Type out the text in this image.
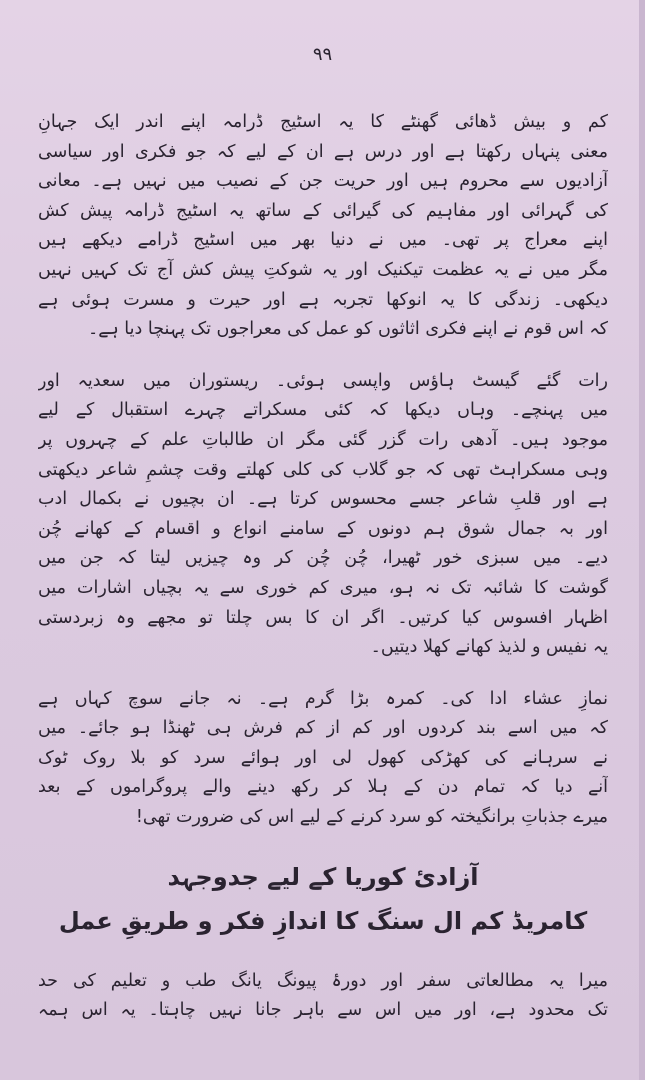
۹۹
کم و بیش ڈھائی گھنٹے کا یہ اسٹیج ڈرامہ اپنے اندر ایک جہانِ
معنی پنہاں رکھتا ہے اور درس ہے ان کے لیے کہ جو فکری اور سیاسی
آزادیوں سے محروم ہیں اور حریت جن کے نصیب میں نہیں ہے۔ معانی
کی گہرائی اور مفاہیم کی گیرائی کے ساتھ یہ اسٹیج ڈرامہ پیش کش
اپنے معراج پر تھی۔ میں نے دنیا بھر میں اسٹیج ڈرامے دیکھے ہیں
مگر میں نے یہ عظمت تیکنیک اور یہ شوکتِ پیش کش آج تک کہیں نہیں
دیکھی۔ زندگی کا یہ انوکھا تجربہ ہے اور حیرت و مسرت ہوئی ہے
کہ اس قوم نے اپنے فکری اثاثوں کو عمل کی معراجوں تک پہنچا دیا ہے۔
رات گئے گیسٹ ہاؤس واپسی ہوئی۔ ریستوران میں سعدیہ اور
میں پہنچے۔ وہاں دیکھا کہ کئی مسکراتے چہرے استقبال کے لیے
موجود ہیں۔ آدھی رات گزر گئی مگر ان طالباتِ علم کے چہروں پر
وہی مسکراہٹ تھی کہ جو گلاب کی کلی کھلتے وقت چشمِ شاعر دیکھتی
ہے اور قلبِ شاعر جسے محسوس کرتا ہے۔ ان بچیوں نے بکمال ادب
اور بہ جمال شوق ہم دونوں کے سامنے انواع و اقسام کے کھانے چُن
دیے۔ میں سبزی خور ٹھیرا، چُن چُن کر وہ چیزیں لیتا کہ جن میں
گوشت کا شائبہ تک نہ ہو، میری کم خوری سے یہ بچیاں اشارات میں
اظہار افسوس کیا کرتیں۔ اگر ان کا بس چلتا تو مجھے وہ زبردستی
یہ نفیس و لذیذ کھانے کھلا دیتیں۔
نمازِ عشاء ادا کی۔ کمرہ بڑا گرم ہے۔ نہ جانے سوچ کہاں ہے
کہ میں اسے بند کردوں اور کم از کم فرش ہی ٹھنڈا ہو جائے۔ میں
نے سرہانے کی کھڑکی کھول لی اور ہوائے سرد کو بلا روک ٹوک
آنے دیا کہ تمام دن کے ہلا کر رکھ دینے والے پروگراموں کے بعد
میرے جذباتِ برانگیختہ کو سرد کرنے کے لیے اس کی ضرورت تھی!
آزادیٔ کوریا کے لیے جدوجہد
کامریڈ کم ال سنگ کا اندازِ فکر و طریقِ عمل
میرا یہ مطالعاتی سفر اور دورۂ پیونگ یانگ طب و تعلیم کی حد
تک محدود ہے، اور میں اس سے باہر جانا نہیں چاہتا۔ یہ اس ہمہ
